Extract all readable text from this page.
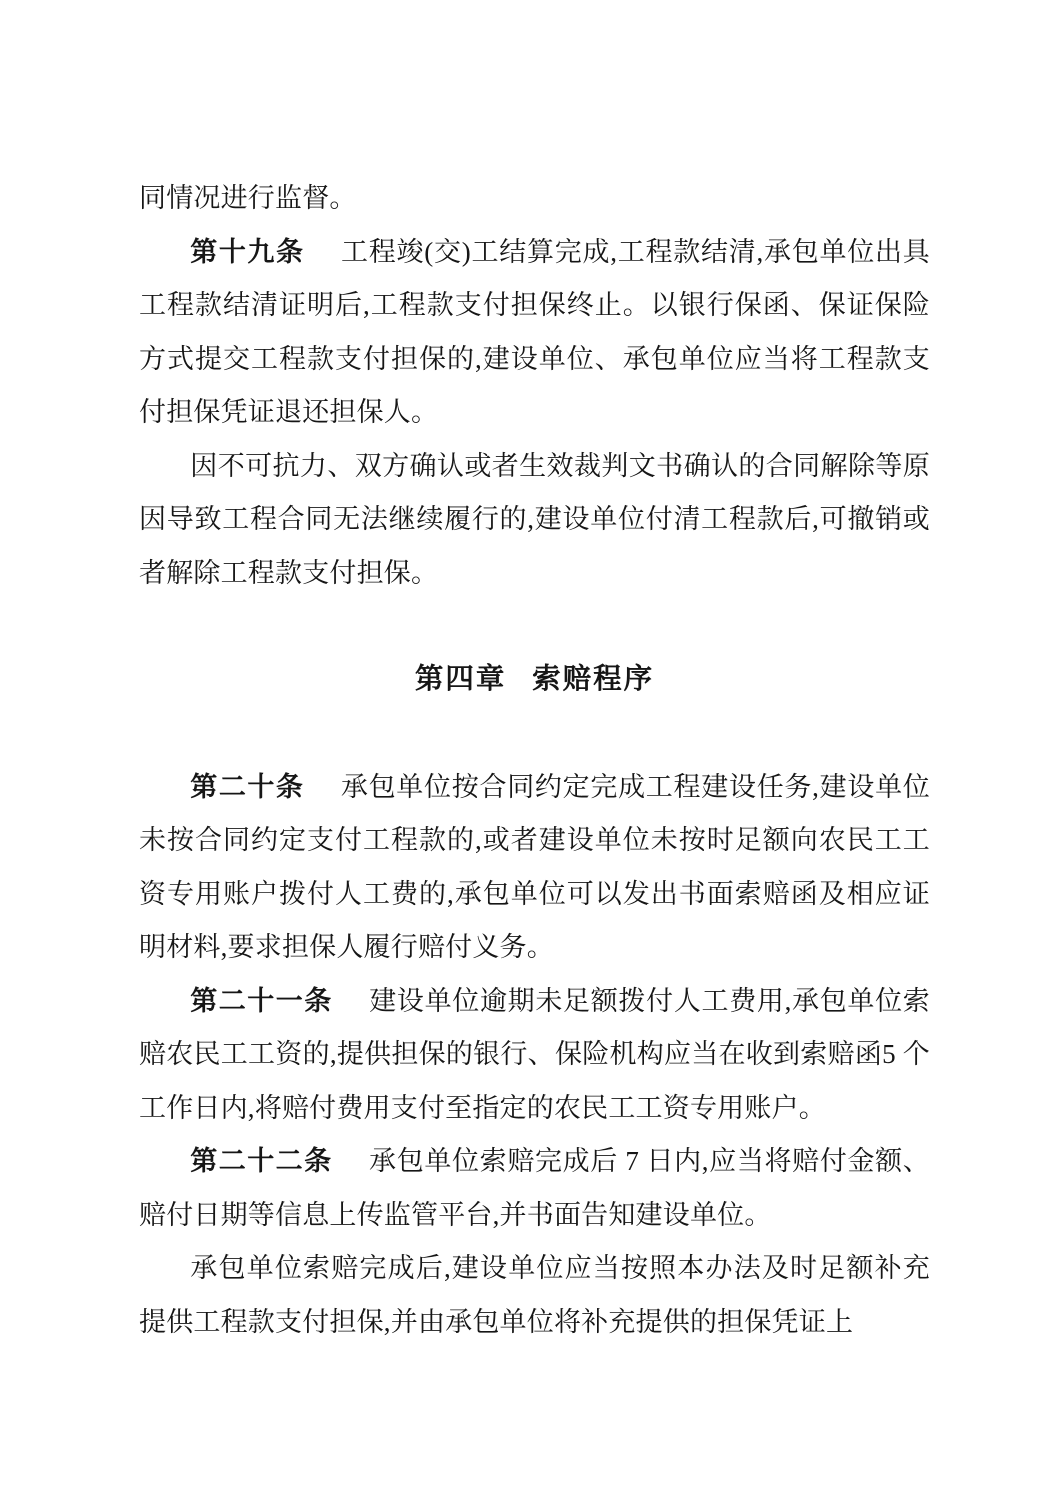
同情况进行监督。

第十九条 工程竣(交)工结算完成,工程款结清,承包单位出具工程款结清证明后,工程款支付担保终止。以银行保函、保证保险方式提交工程款支付担保的,建设单位、承包单位应当将工程款支付担保凭证退还担保人。

因不可抗力、双方确认或者生效裁判文书确认的合同解除等原因导致工程合同无法继续履行的,建设单位付清工程款后,可撤销或者解除工程款支付担保。

第四章 索赔程序

第二十条 承包单位按合同约定完成工程建设任务,建设单位未按合同约定支付工程款的,或者建设单位未按时足额向农民工工资专用账户拨付人工费的,承包单位可以发出书面索赔函及相应证明材料,要求担保人履行赔付义务。

第二十一条 建设单位逾期未足额拨付人工费用,承包单位索赔农民工工资的,提供担保的银行、保险机构应当在收到索赔函5 个工作日内,将赔付费用支付至指定的农民工工资专用账户。

第二十二条 承包单位索赔完成后 7 日内,应当将赔付金额、赔付日期等信息上传监管平台,并书面告知建设单位。

承包单位索赔完成后,建设单位应当按照本办法及时足额补充提供工程款支付担保,并由承包单位将补充提供的担保凭证上
